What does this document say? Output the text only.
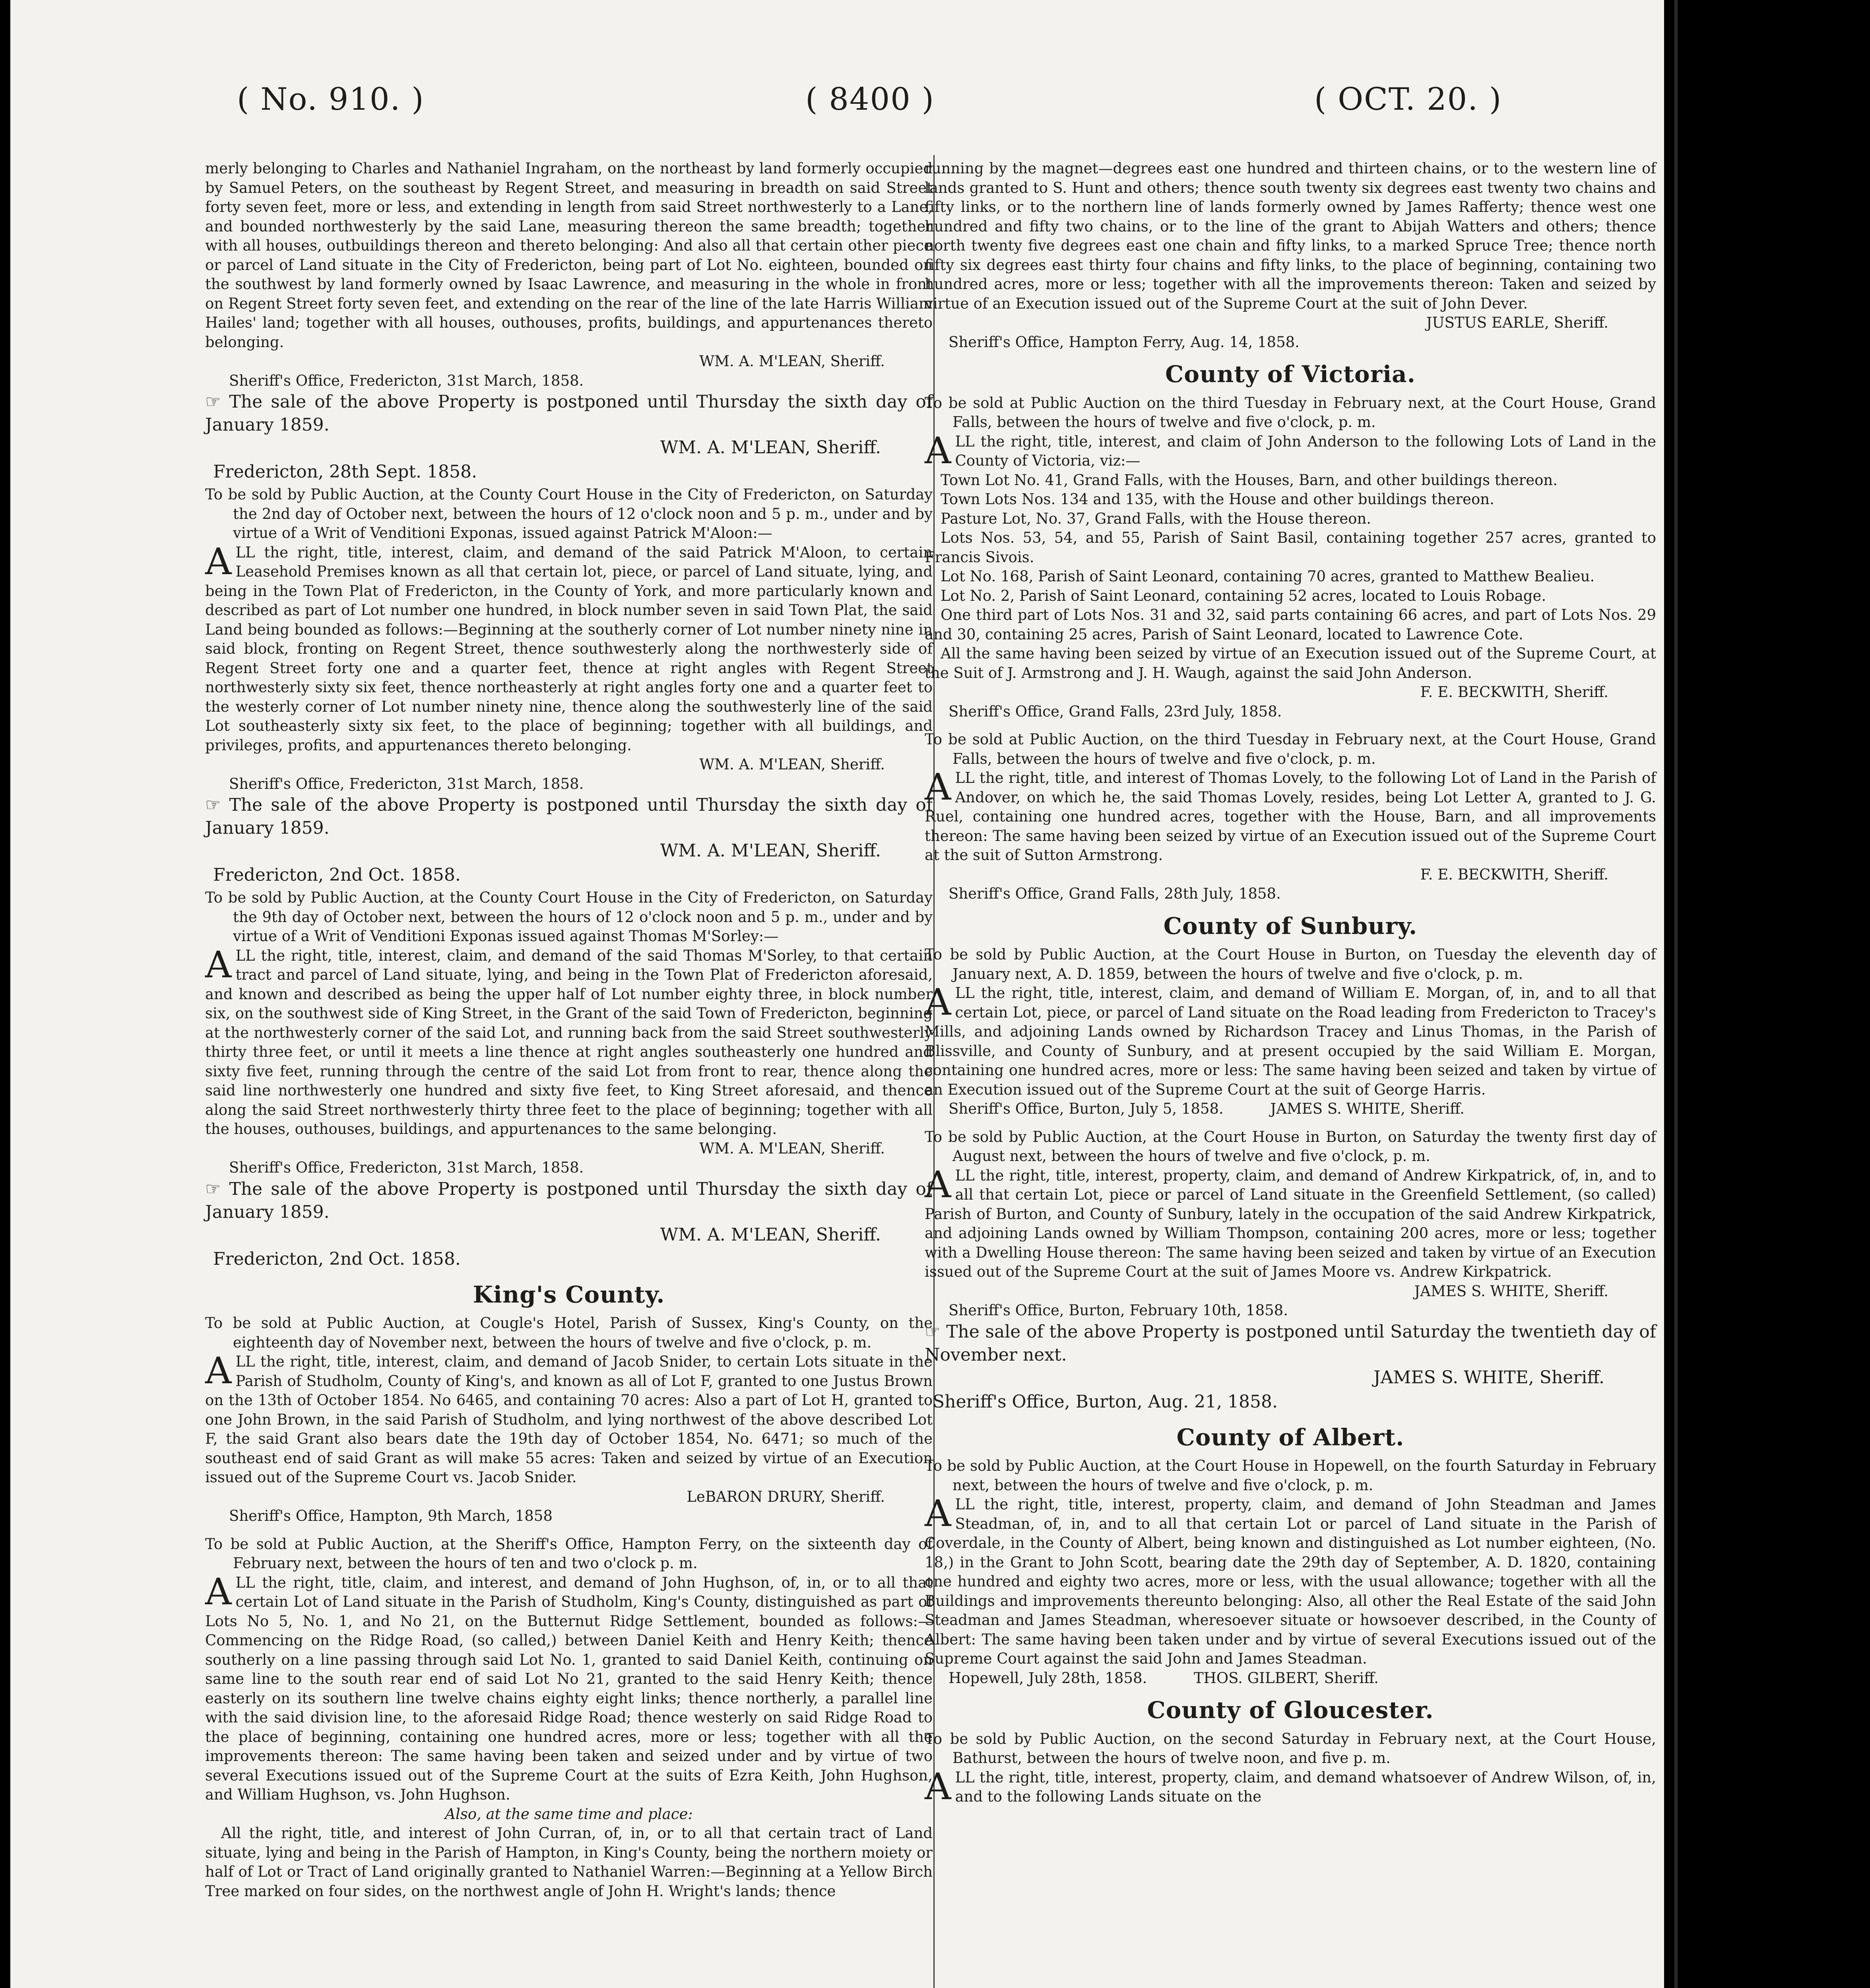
( No. 910. )	( 8400 )	( OCT. 20. )

merly belonging to Charles and Nathaniel Ingraham, on the northeast by land formerly occupied by Samuel Peters, on the southeast by Regent Street, and measuring in breadth on said Street forty seven feet, more or less, and extending in length from said Street northwesterly to a Lane, and bounded northwesterly by the said Lane, measuring thereon the same breadth; together with all houses, outbuildings thereon and thereto belonging: And also all that certain other piece or parcel of Land situate in the City of Fredericton, being part of Lot No. eighteen, bounded on the southwest by land formerly owned by Isaac Lawrence, and measuring in the whole in front on Regent Street forty seven feet, and extending on the rear of the line of the late Harris William Hailes' land; together with all houses, outhouses, profits, buildings, and appurtenances thereto belonging.

WM. A. M'LEAN, Sheriff.

Sheriff's Office, Fredericton, 31st March, 1858.

☞ The sale of the above Property is postponed until Thursday the sixth day of January 1859.

WM. A. M'LEAN, Sheriff.

Fredericton, 28th Sept. 1858.

To be sold by Public Auction, at the County Court House in the City of Fredericton, on Saturday the 2nd day of October next, between the hours of 12 o'clock noon and 5 p. m., under and by virtue of a Writ of Venditioni Exponas, issued against Patrick M'Aloon:—

ALL the right, title, interest, claim, and demand of the said Patrick M'Aloon, to certain Leasehold Premises known as all that certain lot, piece, or parcel of Land situate, lying, and being in the Town Plat of Fredericton, in the County of York, and more particularly known and described as part of Lot number one hundred, in block number seven in said Town Plat, the said Land being bounded as follows:—Beginning at the southerly corner of Lot number ninety nine in said block, fronting on Regent Street, thence southwesterly along the northwesterly side of Regent Street forty one and a quarter feet, thence at right angles with Regent Street northwesterly sixty six feet, thence northeasterly at right angles forty one and a quarter feet to the westerly corner of Lot number ninety nine, thence along the southwesterly line of the said Lot southeasterly sixty six feet, to the place of beginning; together with all buildings, and privileges, profits, and appurtenances thereto belonging.

WM. A. M'LEAN, Sheriff.

Sheriff's Office, Fredericton, 31st March, 1858.

☞ The sale of the above Property is postponed until Thursday the sixth day of January 1859.

WM. A. M'LEAN, Sheriff.

Fredericton, 2nd Oct. 1858.

To be sold by Public Auction, at the County Court House in the City of Fredericton, on Saturday the 9th day of October next, between the hours of 12 o'clock noon and 5 p. m., under and by virtue of a Writ of Venditioni Exponas issued against Thomas M'Sorley:—

ALL the right, title, interest, claim, and demand of the said Thomas M'Sorley, to that certain tract and parcel of Land situate, lying, and being in the Town Plat of Fredericton aforesaid, and known and described as being the upper half of Lot number eighty three, in block number six, on the southwest side of King Street, in the Grant of the said Town of Fredericton, beginning at the northwesterly corner of the said Lot, and running back from the said Street southwesterly thirty three feet, or until it meets a line thence at right angles southeasterly one hundred and sixty five feet, running through the centre of the said Lot from front to rear, thence along the said line northwesterly one hundred and sixty five feet, to King Street aforesaid, and thence along the said Street northwesterly thirty three feet to the place of beginning; together with all the houses, outhouses, buildings, and appurtenances to the same belonging.

WM. A. M'LEAN, Sheriff.

Sheriff's Office, Fredericton, 31st March, 1858.

☞ The sale of the above Property is postponed until Thursday the sixth day of January 1859.

WM. A. M'LEAN, Sheriff.

Fredericton, 2nd Oct. 1858.

King's County.

To be sold at Public Auction, at Cougle's Hotel, Parish of Sussex, King's County, on the eighteenth day of November next, between the hours of twelve and five o'clock, p. m.

ALL the right, title, interest, claim, and demand of Jacob Snider, to certain Lots situate in the Parish of Studholm, County of King's, and known as all of Lot F, granted to one Justus Brown on the 13th of October 1854. No 6465, and containing 70 acres: Also a part of Lot H, granted to one John Brown, in the said Parish of Studholm, and lying northwest of the above described Lot F, the said Grant also bears date the 19th day of October 1854, No. 6471; so much of the southeast end of said Grant as will make 55 acres: Taken and seized by virtue of an Execution issued out of the Supreme Court vs. Jacob Snider.

LeBARON DRURY, Sheriff.

Sheriff's Office, Hampton, 9th March, 1858

To be sold at Public Auction, at the Sheriff's Office, Hampton Ferry, on the sixteenth day of February next, between the hours of ten and two o'clock p. m.

ALL the right, title, claim, and interest, and demand of John Hughson, of, in, or to all that certain Lot of Land situate in the Parish of Studholm, King's County, distinguished as part of Lots No 5, No. 1, and No 21, on the Butternut Ridge Settlement, bounded as follows:—Commencing on the Ridge Road, (so called,) between Daniel Keith and Henry Keith; thence southerly on a line passing through said Lot No. 1, granted to said Daniel Keith, continuing on same line to the south rear end of said Lot No 21, granted to the said Henry Keith; thence easterly on its southern line twelve chains eighty eight links; thence northerly, a parallel line with the said division line, to the aforesaid Ridge Road; thence westerly on said Ridge Road to the place of beginning, containing one hundred acres, more or less; together with all the improvements thereon: The same having been taken and seized under and by virtue of two several Executions issued out of the Supreme Court at the suits of Ezra Keith, John Hughson, and William Hughson, vs. John Hughson.

Also, at the same time and place:

All the right, title, and interest of John Curran, of, in, or to all that certain tract of Land situate, lying and being in the Parish of Hampton, in King's County, being the northern moiety or half of Lot or Tract of Land originally granted to Nathaniel Warren:—Beginning at a Yellow Birch Tree marked on four sides, on the northwest angle of John H. Wright's lands; thence

running by the magnet—degrees east one hundred and thirteen chains, or to the western line of lands granted to S. Hunt and others; thence south twenty six degrees east twenty two chains and fifty links, or to the northern line of lands formerly owned by James Rafferty; thence west one hundred and fifty two chains, or to the line of the grant to Abijah Watters and others; thence north twenty five degrees east one chain and fifty links, to a marked Spruce Tree; thence north fifty six degrees east thirty four chains and fifty links, to the place of beginning, containing two hundred acres, more or less; together with all the improvements thereon: Taken and seized by virtue of an Execution issued out of the Supreme Court at the suit of John Dever.

JUSTUS EARLE, Sheriff.

Sheriff's Office, Hampton Ferry, Aug. 14, 1858.

County of Victoria.

To be sold at Public Auction on the third Tuesday in February next, at the Court House, Grand Falls, between the hours of twelve and five o'clock, p. m.

ALL the right, title, interest, and claim of John Anderson to the following Lots of Land in the County of Victoria, viz:—

Town Lot No. 41, Grand Falls, with the Houses, Barn, and other buildings thereon.

Town Lots Nos. 134 and 135, with the House and other buildings thereon.

Pasture Lot, No. 37, Grand Falls, with the House thereon.

Lots Nos. 53, 54, and 55, Parish of Saint Basil, containing together 257 acres, granted to Francis Sivois.

Lot No. 168, Parish of Saint Leonard, containing 70 acres, granted to Matthew Bealieu.

Lot No. 2, Parish of Saint Leonard, containing 52 acres, located to Louis Robage.

One third part of Lots Nos. 31 and 32, said parts containing 66 acres, and part of Lots Nos. 29 and 30, containing 25 acres, Parish of Saint Leonard, located to Lawrence Cote.

All the same having been seized by virtue of an Execution issued out of the Supreme Court, at the Suit of J. Armstrong and J. H. Waugh, against the said John Anderson.

F. E. BECKWITH, Sheriff.

Sheriff's Office, Grand Falls, 23rd July, 1858.

To be sold at Public Auction, on the third Tuesday in February next, at the Court House, Grand Falls, between the hours of twelve and five o'clock, p. m.

ALL the right, title, and interest of Thomas Lovely, to the following Lot of Land in the Parish of Andover, on which he, the said Thomas Lovely, resides, being Lot Letter A, granted to J. G. Ruel, containing one hundred acres, together with the House, Barn, and all improvements thereon: The same having been seized by virtue of an Execution issued out of the Supreme Court at the suit of Sutton Armstrong.

F. E. BECKWITH, Sheriff.

Sheriff's Office, Grand Falls, 28th July, 1858.

County of Sunbury.

To be sold by Public Auction, at the Court House in Burton, on Tuesday the eleventh day of January next, A. D. 1859, between the hours of twelve and five o'clock, p. m.

ALL the right, title, interest, claim, and demand of William E. Morgan, of, in, and to all that certain Lot, piece, or parcel of Land situate on the Road leading from Fredericton to Tracey's Mills, and adjoining Lands owned by Richardson Tracey and Linus Thomas, in the Parish of Blissville, and County of Sunbury, and at present occupied by the said William E. Morgan, containing one hundred acres, more or less: The same having been seized and taken by virtue of an Execution issued out of the Supreme Court at the suit of George Harris.

Sheriff's Office, Burton, July 5, 1858.          JAMES S. WHITE, Sheriff.

To be sold by Public Auction, at the Court House in Burton, on Saturday the twenty first day of August next, between the hours of twelve and five o'clock, p. m.

ALL the right, title, interest, property, claim, and demand of Andrew Kirkpatrick, of, in, and to all that certain Lot, piece or parcel of Land situate in the Greenfield Settlement, (so called) Parish of Burton, and County of Sunbury, lately in the occupation of the said Andrew Kirkpatrick, and adjoining Lands owned by William Thompson, containing 200 acres, more or less; together with a Dwelling House thereon: The same having been seized and taken by virtue of an Execution issued out of the Supreme Court at the suit of James Moore vs. Andrew Kirkpatrick.

JAMES S. WHITE, Sheriff.

Sheriff's Office, Burton, February 10th, 1858.

☞ The sale of the above Property is postponed until Saturday the twentieth day of November next.

JAMES S. WHITE, Sheriff.

Sheriff's Office, Burton, Aug. 21, 1858.

County of Albert.

To be sold by Public Auction, at the Court House in Hopewell, on the fourth Saturday in February next, between the hours of twelve and five o'clock, p. m.

ALL the right, title, interest, property, claim, and demand of John Steadman and James Steadman, of, in, and to all that certain Lot or parcel of Land situate in the Parish of Coverdale, in the County of Albert, being known and distinguished as Lot number eighteen, (No. 18,) in the Grant to John Scott, bearing date the 29th day of September, A. D. 1820, containing one hundred and eighty two acres, more or less, with the usual allowance; together with all the Buildings and improvements thereunto belonging: Also, all other the Real Estate of the said John Steadman and James Steadman, wheresoever situate or howsoever described, in the County of Albert: The same having been taken under and by virtue of several Executions issued out of the Supreme Court against the said John and James Steadman.

Hopewell, July 28th, 1858.          THOS. GILBERT, Sheriff.

County of Gloucester.

To be sold by Public Auction, on the second Saturday in February next, at the Court House, Bathurst, between the hours of twelve noon, and five p. m.

ALL the right, title, interest, property, claim, and demand whatsoever of Andrew Wilson, of, in, and to the following Lands situate on the
